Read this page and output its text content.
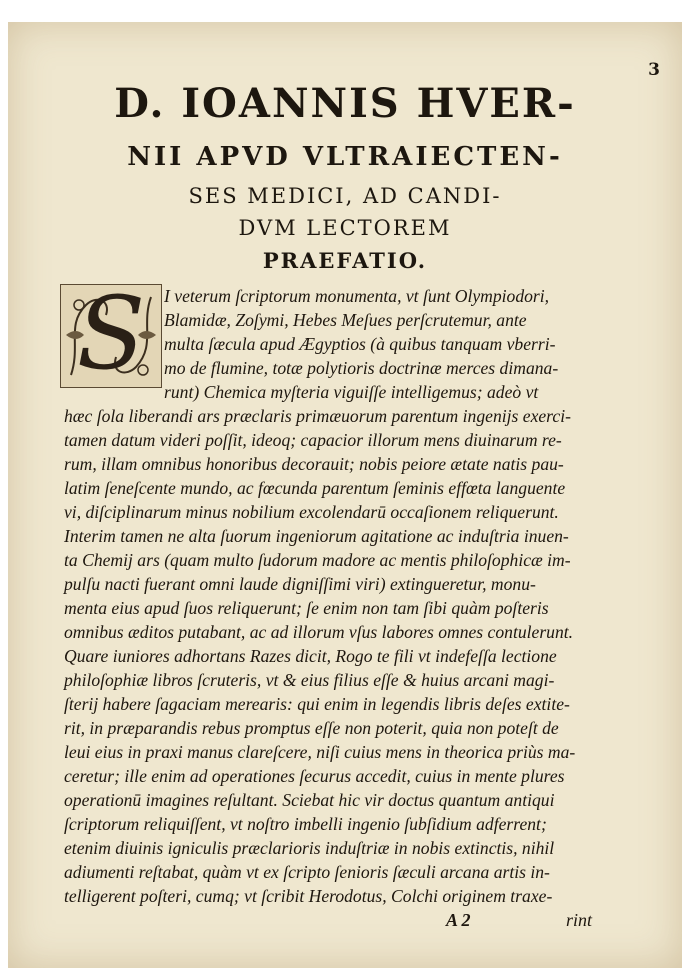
3
D. IOANNIS HVER-
NII APVD VLTRAIECTEN-
SES MEDICI, AD CANDI-
DVM LECTOREM
PRAEFATIO.
S	I veterum ſcriptorum monumenta, vt ſunt Olympiodori,
Blamidæ, Zoſymi, Hebes Meſues perſcrutemur, ante
multa ſæcula apud Ægyptios (à quibus tanquam vberri-
mo de flumine, totæ polytioris doctrinæ merces dimana-
runt) Chemica myſteria viguiſſe intelligemus; adeò vt
hæc ſola liberandi ars præclaris primæuorum parentum ingenijs exerci-
tamen datum videri poſſit, ideoq; capacior illorum mens diuinarum re-
rum, illam omnibus honoribus decorauit; nobis peiore ætate natis pau-
latim ſeneſcente mundo, ac fœcunda parentum ſeminis effœta languente
vi, diſciplinarum minus nobilium excolendarū occaſionem reliquerunt.
Interim tamen ne alta ſuorum ingeniorum agitatione ac induſtria inuen-
ta Chemij ars (quam multo ſudorum madore ac mentis philoſophicæ im-
pulſu nacti fuerant omni laude digniſſimi viri) extingueretur, monu-
menta eius apud ſuos reliquerunt; ſe enim non tam ſibi quàm poſteris
omnibus æditos putabant, ac ad illorum vſus labores omnes contulerunt.
Quare iuniores adhortans Razes dicit, Rogo te fili vt indefeſſa lectione
philoſophiæ libros ſcruteris, vt & eius filius eſſe & huius arcani magi-
ſterij habere ſagaciam merearis: qui enim in legendis libris deſes extite-
rit, in præparandis rebus promptus eſſe non poterit, quia non poteſt de
leui eius in praxi manus clareſcere, niſi cuius mens in theorica priùs ma-
ceretur; ille enim ad operationes ſecurus accedit, cuius in mente plures
operationū imagines reſultant. Sciebat hic vir doctus quantum antiqui
ſcriptorum reliquiſſent, vt noſtro imbelli ingenio ſubſidium adferrent;
etenim diuinis igniculis præclarioris induſtriæ in nobis extinctis, nihil
adiumenti reſtabat, quàm vt ex ſcripto ſenioris ſæculi arcana artis in-
telligerent poſteri, cumq; vt ſcribit Herodotus, Colchi originem traxe-
A 2	rint
